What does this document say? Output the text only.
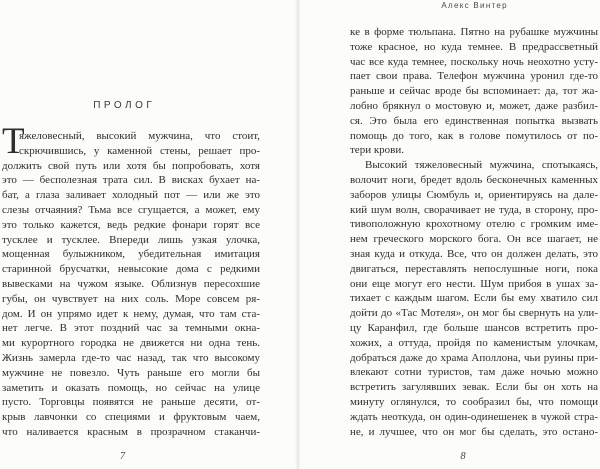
ПРОЛОГ
Т
яжеловесный, высокий мужчина, что стоит,
скрючившись, у каменной стены, решает про-
должить свой путь или хотя бы попробовать, хотя
это — бесполезная трата сил. В висках бухает на-
бат, а глаза заливает холодный пот — или же это
слезы отчаяния? Тьма все сгущается, а может, ему
это только кажется, ведь редкие фонари горят все
тусклее и тусклее. Впереди лишь узкая улочка,
мощенная булыжником, убедительная имитация
старинной брусчатки, невысокие дома с редкими
вывесками на чужом языке. Облизнув пересохшие
губы, он чувствует на них соль. Море совсем ря-
дом. И он упрямо идет к нему, думая, что там ста-
нет легче. В этот поздний час за темными окна-
ми курортного городка не движется ни одна тень.
Жизнь замерла где-то час назад, так что высокому
мужчине не повезло. Чуть раньше его могли бы
заметить и оказать помощь, но сейчас на улице
пусто. Торговцы появятся не раньше десяти, от-
крыв лавчонки со специями и фруктовым чаем,
что наливается красным в прозрачном стаканчи-
7
Алекс Винтер
ке в форме тюльпана. Пятно на рубашке мужчины
тоже красное, но куда темнее. В предрассветный
час все куда темнее, поскольку ночь неохотно усту-
пает свои права. Телефон мужчина уронил где-то
раньше и сейчас вроде бы вспоминает: да, тот жа-
лобно брякнул о мостовую и, может, даже разбил-
ся. Это была его единственная попытка вызвать
помощь до того, как в голове помутилось от по-
тери крови.
Высокий тяжеловесный мужчина, спотыкаясь,
волочит ноги, бредет вдоль бесконечных каменных
заборов улицы Сюмбуль и, ориентируясь на дале-
кий шум волн, сворачивает не туда, в сторону, про-
тивоположную крохотному отелю с громким име-
нем греческого морского бога. Он все шагает, не
зная куда и откуда. Все, что он должен делать, это
двигаться, переставлять непослушные ноги, пока
они еще могут его нести. Шум прибоя в ушах за-
тихает с каждым шагом. Если бы ему хватило сил
дойти до «Тас Мотеля», он мог бы свернуть на ули-
цу Каранфил, где больше шансов встретить про-
хожих, а оттуда, пройдя по каменистым улочкам,
добраться даже до храма Аполлона, чьи руины при-
влекают сотни туристов, там даже ночью можно
встретить загулявших зевак. Если бы он хоть на
минуту оглянулся, то сообразил бы, что помощи
ждать неоткуда, он один-одинешенек в чужой стра-
не, и лучшее, что он мог бы сделать, это остано-
8
